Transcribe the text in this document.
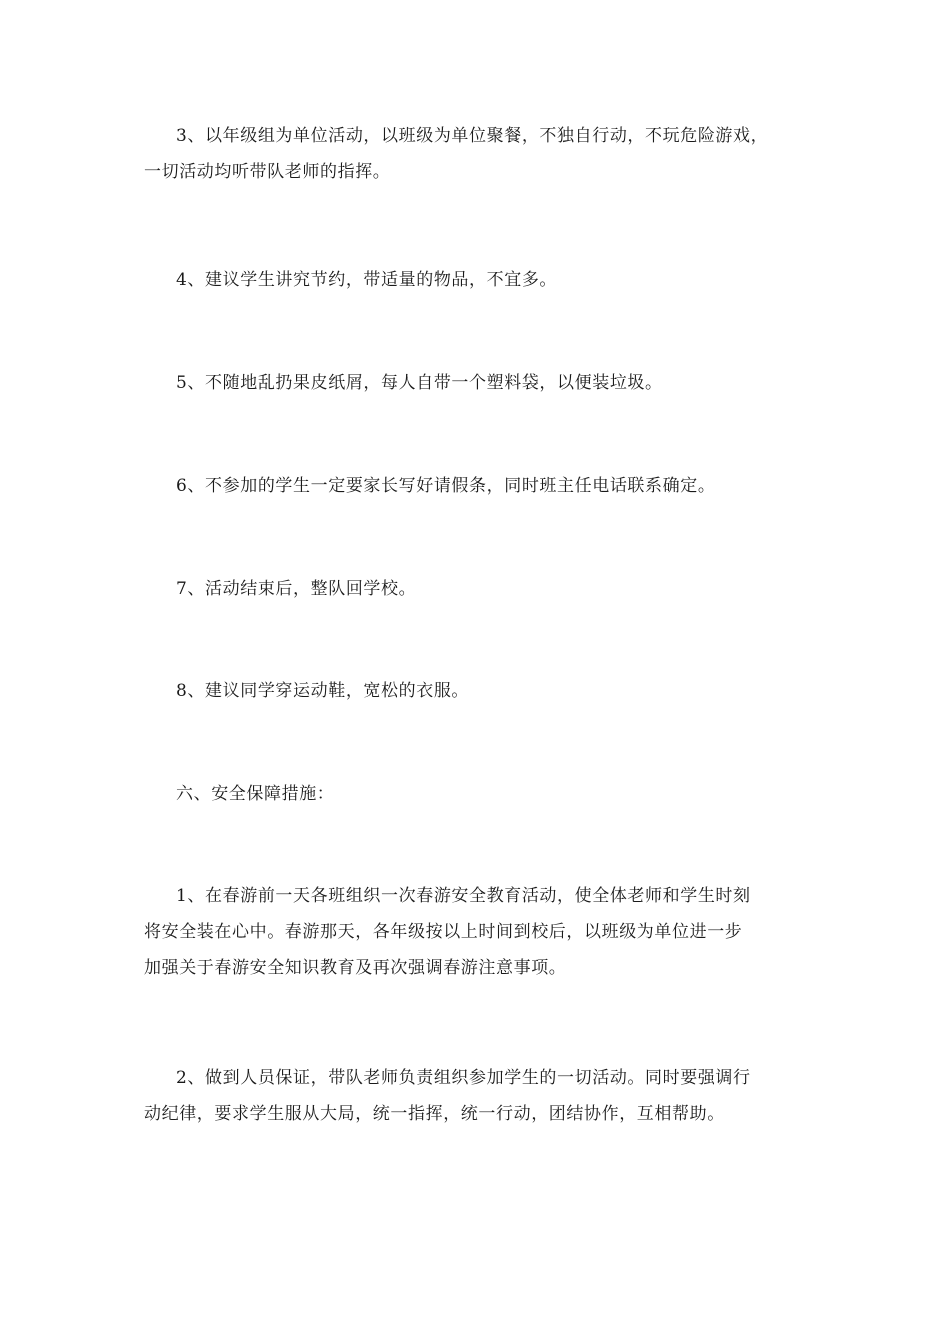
3、以年级组为单位活动，以班级为单位聚餐，不独自行动，不玩危险游戏，
一切活动均听带队老师的指挥。

4、建议学生讲究节约，带适量的物品，不宜多。

5、不随地乱扔果皮纸屑，每人自带一个塑料袋，以便装垃圾。

6、不参加的学生一定要家长写好请假条，同时班主任电话联系确定。

7、活动结束后，整队回学校。

8、建议同学穿运动鞋，宽松的衣服。

六、安全保障措施：

1、在春游前一天各班组织一次春游安全教育活动，使全体老师和学生时刻
将安全装在心中。春游那天，各年级按以上时间到校后，以班级为单位进一步
加强关于春游安全知识教育及再次强调春游注意事项。

2、做到人员保证，带队老师负责组织参加学生的一切活动。同时要强调行
动纪律，要求学生服从大局，统一指挥，统一行动，团结协作，互相帮助。
